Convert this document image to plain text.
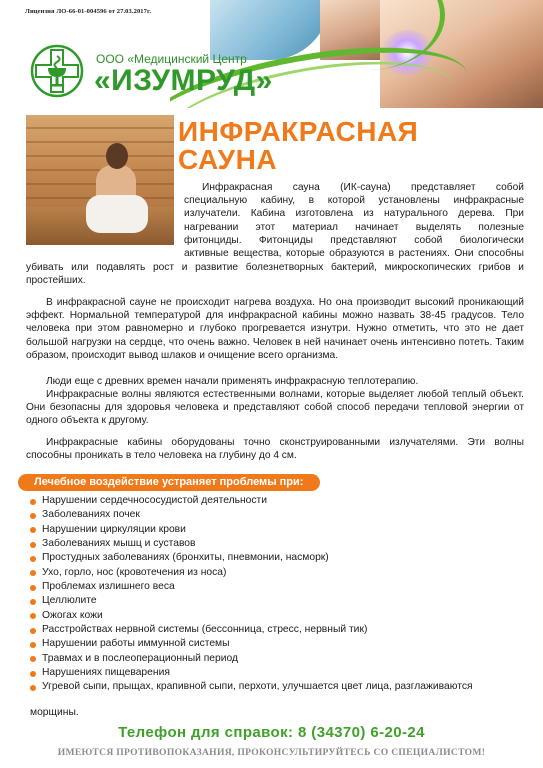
Лицензия ЛО-66-01-004596 от 27.03.2017г.
ООО «Медицинский Центр
«ИЗУМРУД»
ИНФРАКРАСНАЯ
САУНА
Инфракрасная сауна (ИК-сауна) представляет собой
специальную кабину, в которой установлены инфракрасные
излучатели. Кабина изготовлена из натурального дерева. При
нагревании этот материал начинает выделять полезные
фитонциды. Фитонциды представляют собой биологически
активные вещества, которые образуются в растениях. Они способны
убивать или подавлять рост и развитие болезнетворных бактерий, микроскопических грибов и простейших.
В инфракрасной сауне не происходит нагрева воздуха. Но она производит высокий проникающий эффект. Нормальной температурой для инфракрасной кабины можно назвать 38-45 градусов. Тело человека при этом равномерно и глубоко прогревается изнутри. Нужно отметить, что это не дает большой нагрузки на сердце, что очень важно. Человек в ней начинает очень интенсивно потеть. Таким образом, происходит вывод шлаков и очищение всего организма.
Люди еще с древних времен начали применять инфракрасную теплотерапию.
Инфракрасные волны являются естественными волнами, которые выделяет любой теплый объект. Они безопасны для здоровья человека и представляют собой способ передачи тепловой энергии от одного объекта к другому.
Инфракрасные кабины оборудованы точно сконструированными излучателями. Эти волны способны проникать в тело человека на глубину до 4 см.
Лечебное воздействие устраняет проблемы при:
Нарушении сердечнососудистой деятельности
Заболеваниях почек
Нарушении циркуляции крови
Заболеваниях мышц и суставов
Простудных заболеваниях (бронхиты, пневмонии, насморк)
Ухо, горло, нос (кровотечения из носа)
Проблемах излишнего веса
Целлюлите
Ожогах кожи
Расстройствах нервной системы (бессонница, стресс, нервный тик)
Нарушении работы иммунной системы
Травмах и в послеоперационный период
Нарушениях пищеварения
Угревой сыпи, прыщах, крапивной сыпи, перхоти, улучшается цвет лица, разглаживаются
морщины.
Телефон для справок: 8 (34370) 6-20-24
ИМЕЮТСЯ ПРОТИВОПОКАЗАНИЯ, ПРОКОНСУЛЬТИРУЙТЕСЬ СО СПЕЦИАЛИСТОМ!
